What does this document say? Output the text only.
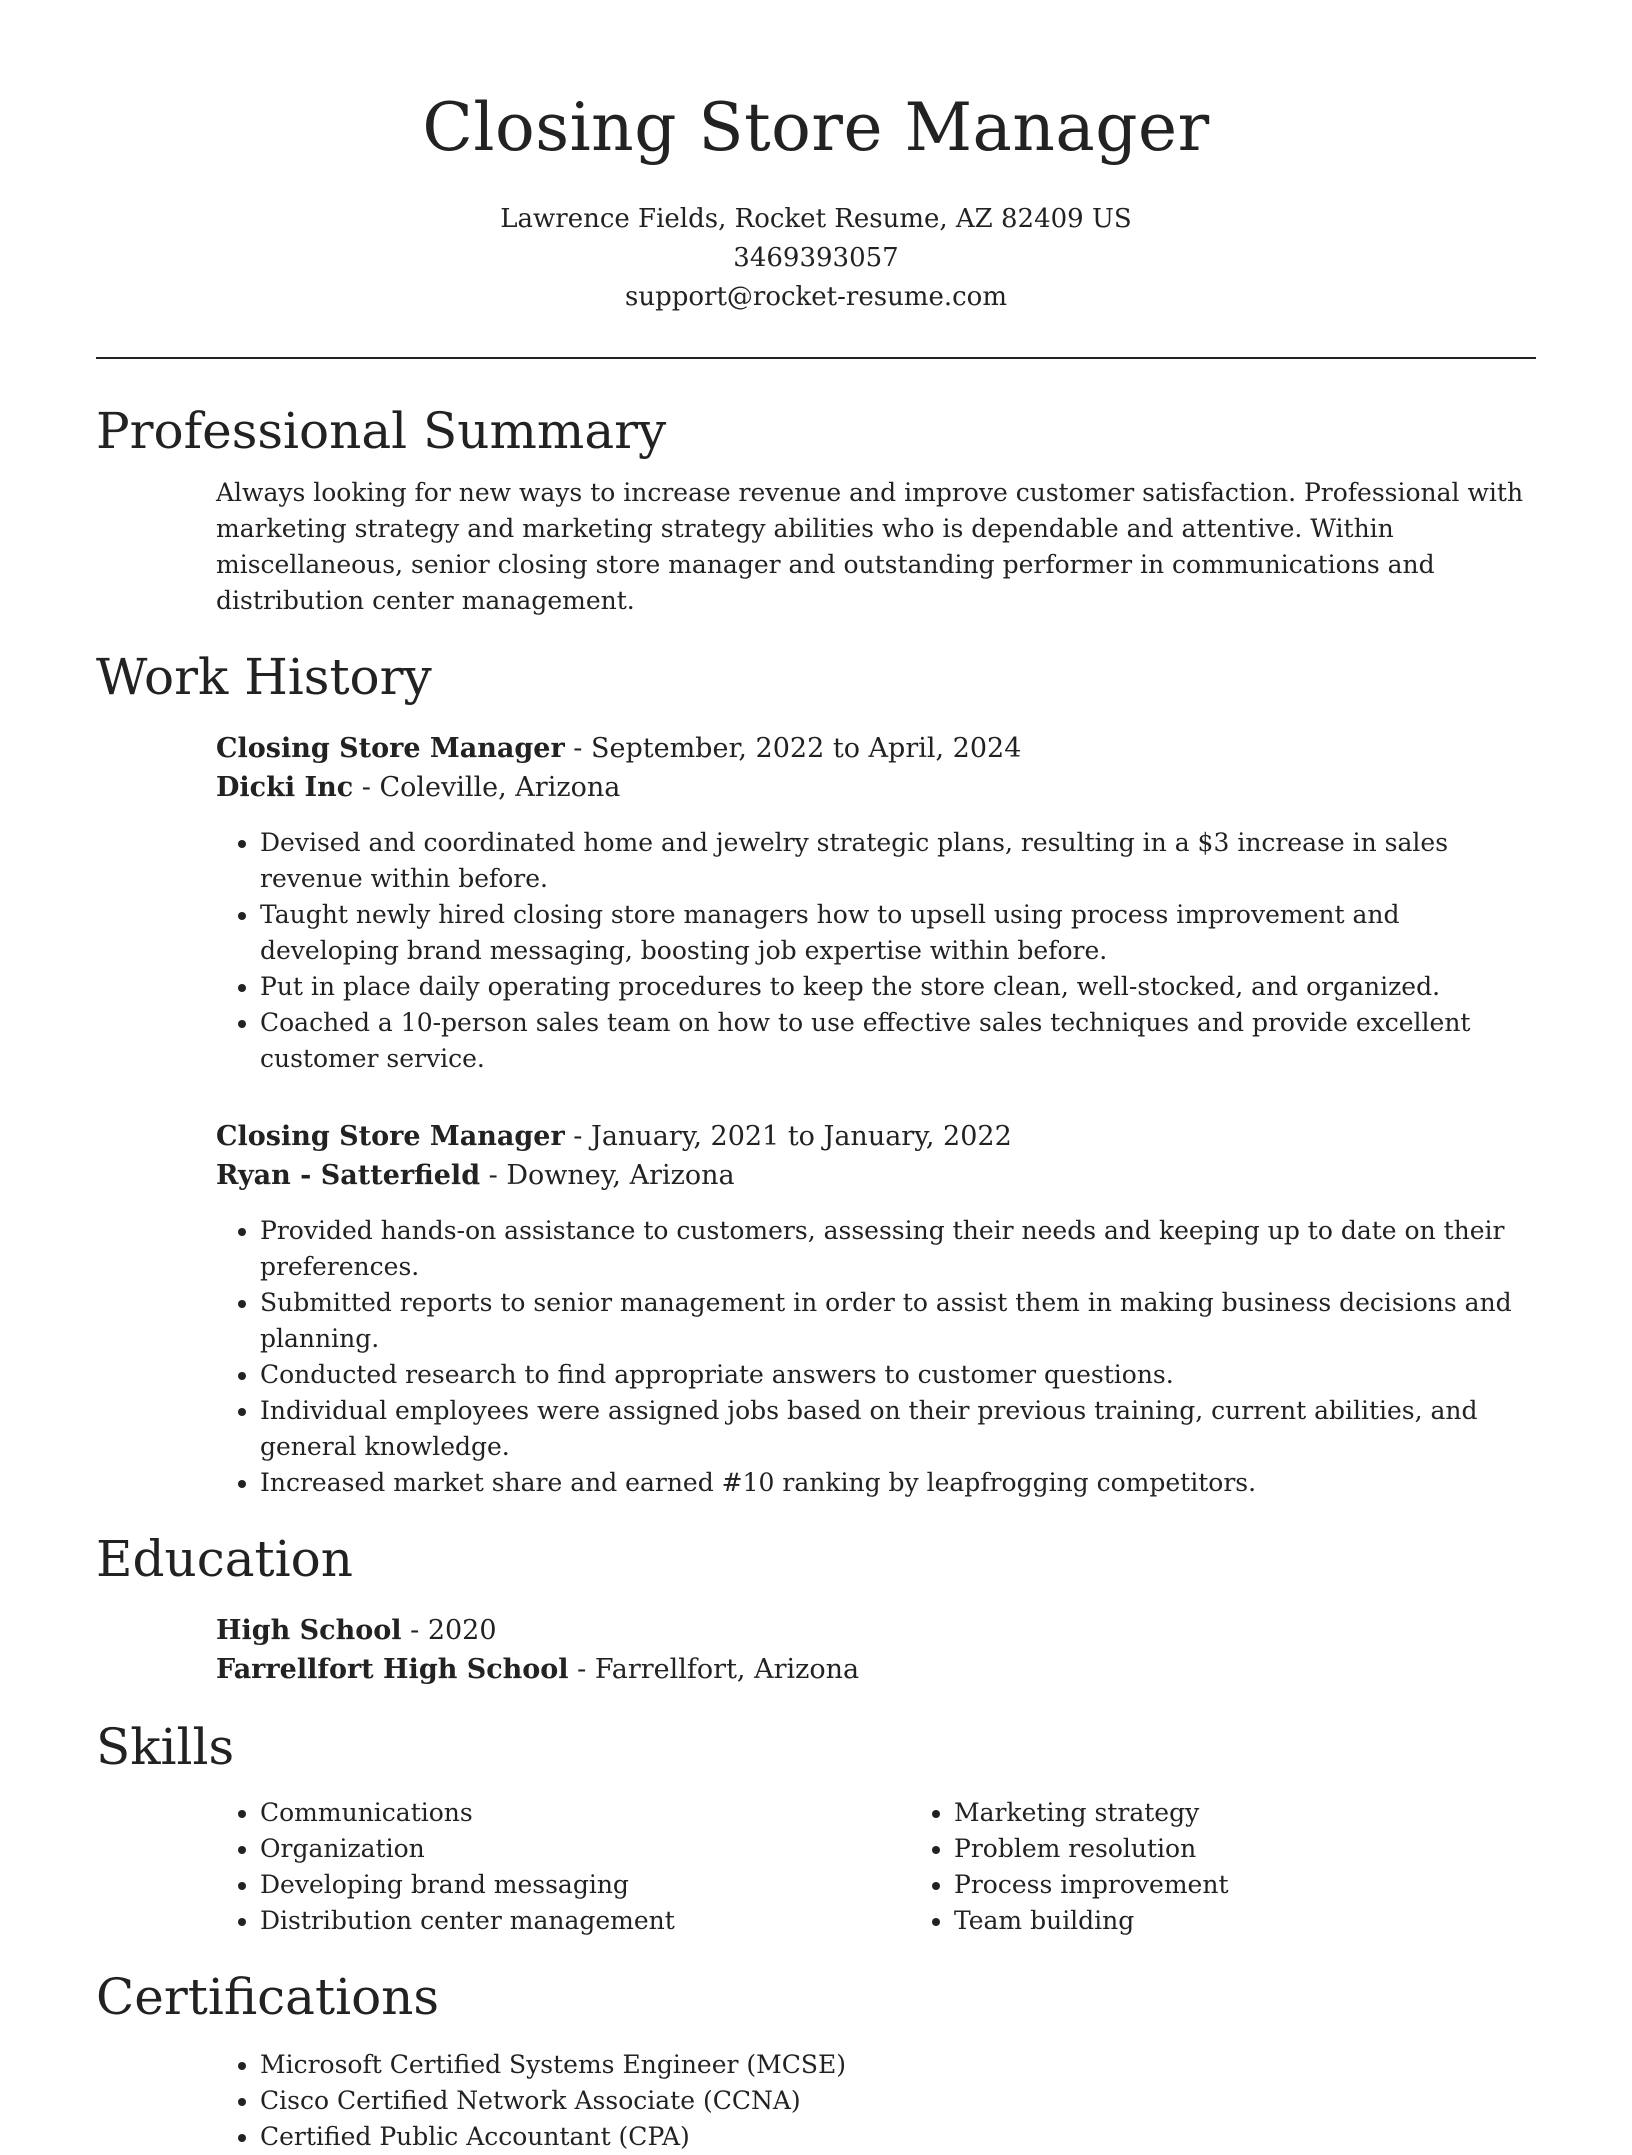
Closing Store Manager
Lawrence Fields, Rocket Resume, AZ 82409 US
3469393057
support@rocket-resume.com
Professional Summary
Always looking for new ways to increase revenue and improve customer satisfaction. Professional with marketing strategy and marketing strategy abilities who is dependable and attentive. Within miscellaneous, senior closing store manager and outstanding performer in communications and distribution center management.
Work History
Closing Store Manager - September, 2022 to April, 2024
Dicki Inc - Coleville, Arizona
• Devised and coordinated home and jewelry strategic plans, resulting in a $3 increase in sales revenue within before.
• Taught newly hired closing store managers how to upsell using process improvement and developing brand messaging, boosting job expertise within before.
• Put in place daily operating procedures to keep the store clean, well-stocked, and organized.
• Coached a 10-person sales team on how to use effective sales techniques and provide excellent customer service.
Closing Store Manager - January, 2021 to January, 2022
Ryan - Satterfield - Downey, Arizona
• Provided hands-on assistance to customers, assessing their needs and keeping up to date on their preferences.
• Submitted reports to senior management in order to assist them in making business decisions and planning.
• Conducted research to find appropriate answers to customer questions.
• Individual employees were assigned jobs based on their previous training, current abilities, and general knowledge.
• Increased market share and earned #10 ranking by leapfrogging competitors.
Education
High School - 2020
Farrellfort High School - Farrellfort, Arizona
Skills
• Communications
• Organization
• Developing brand messaging
• Distribution center management
• Marketing strategy
• Problem resolution
• Process improvement
• Team building
Certifications
• Microsoft Certified Systems Engineer (MCSE)
• Cisco Certified Network Associate (CCNA)
• Certified Public Accountant (CPA)
